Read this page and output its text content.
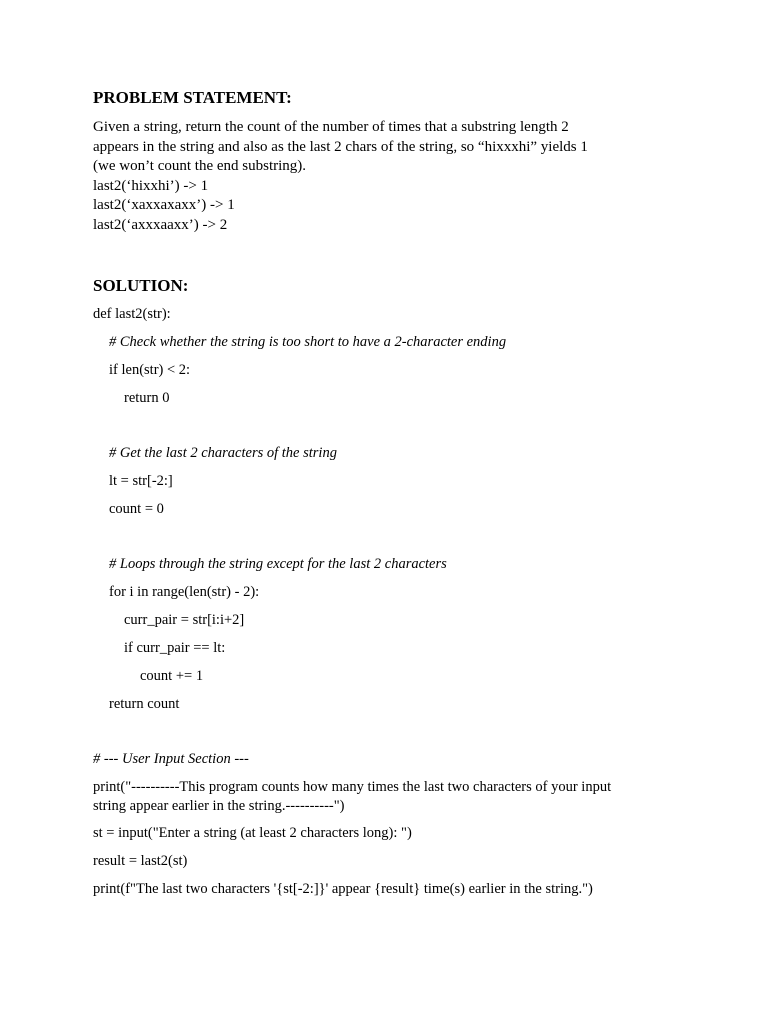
PROBLEM STATEMENT:
Given a string, return the count of the number of times that a substring length 2
appears in the string and also as the last 2 chars of the string, so “hixxxhi” yields 1
(we won’t count the end substring).
last2(‘hixxhi’) -> 1
last2(‘xaxxaxaxx’) -> 1
last2(‘axxxaaxx’) -> 2
SOLUTION:
def last2(str):
# Check whether the string is too short to have a 2-character ending
if len(str) < 2:
return 0
# Get the last 2 characters of the string
lt = str[-2:]
count = 0
# Loops through the string except for the last 2 characters
for i in range(len(str) - 2):
curr_pair = str[i:i+2]
if curr_pair == lt:
count += 1
return count
# --- User Input Section ---
print("----------This program counts how many times the last two characters of your input
string appear earlier in the string.----------")
st = input("Enter a string (at least 2 characters long): ")
result = last2(st)
print(f"The last two characters '{st[-2:]}' appear {result} time(s) earlier in the string.")
